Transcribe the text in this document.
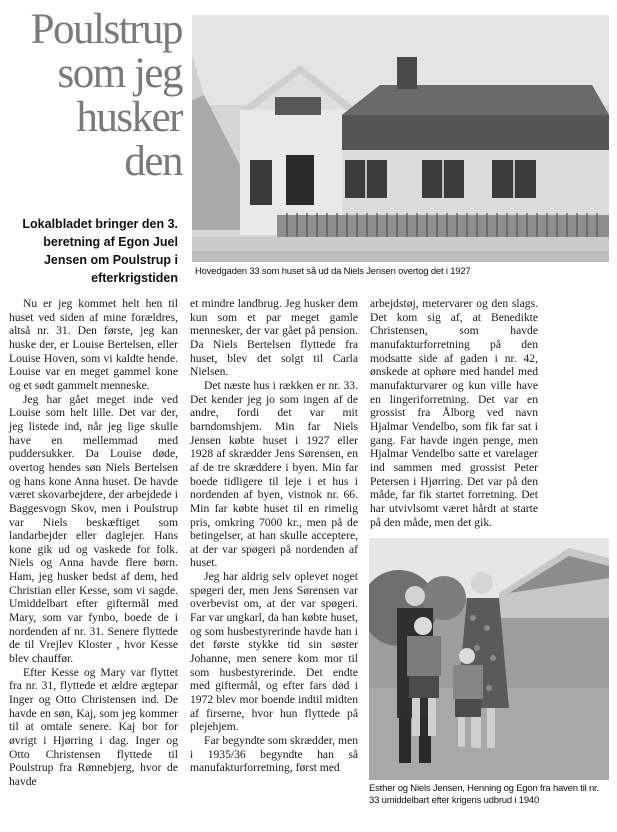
Poulstrup
som jeg
husker
den
Lokalbladet bringer den 3. beretning af Egon Juel Jensen om Poulstrup i efterkrigstiden Hovedgaden 33 som huset så ud da Niels Jensen overtog det i 1927
Esther og Niels Jensen, Henning og Egon fra haven til nr. 33 umiddelbart efter krigens udbrud i 1940

Nu er jeg kommet helt hen til huset ved siden af mine forældres, altså nr. 31. Den første, jeg kan huske der, er Louise Bertelsen, eller Louise Hoven, som vi kaldte hende. Louise var en meget gammel kone og et sødt gammelt menneske.

Jeg har gået meget inde ved Louise som helt lille. Det var der, jeg listede ind, når jeg lige skulle have en mellemmad med puddersukker. Da Louise døde, overtog hendes søn Niels Bertelsen og hans kone Anna huset. De havde været skovarbejdere, der arbejdede i Baggesvogn Skov, men i Poulstrup var Niels beskæftiget som landarbejder eller daglejer. Hans kone gik ud og vaskede for folk. Niels og Anna havde flere børn. Ham, jeg husker bedst af dem, hed Christian eller Kesse, som vi sagde. Umiddelbart efter giftermål med Mary, som var fynbo, boede de i nordenden af nr. 31. Senere flyttede de til Vrejlev Kloster , hvor Kesse blev chauffør.

Efter Kesse og Mary var flyttet fra nr. 31, flyttede et ældre ægtepar Inger og Otto Christensen ind. De havde en søn, Kaj, som jeg kommer til at omtale senere. Kaj bor for øvrigt i Hjørring i dag. Inger og Otto Christensen flyttede til Poulstrup fra Rønnebjerg, hvor de havde

et mindre landbrug. Jeg husker dem kun som et par meget gamle mennesker, der var gået på pension. Da Niels Bertelsen flyttede fra huset, blev det solgt til Carla Nielsen.

Det næste hus i rækken er nr. 33. Det kender jeg jo som ingen af de andre, fordi det var mit barndomshjem. Min far Niels Jensen købte huset i 1927 eller 1928 af skrædder Jens Sørensen, en af de tre skræddere i byen. Min far boede tidligere til leje i et hus i nordenden af byen, vistnok nr. 66. Min far købte huset til en rimelig pris, omkring 7000 kr., men på de betingelser, at han skulle acceptere, at der var spøgeri på nordenden af huset.

Jeg har aldrig selv oplevet noget spøgeri der, men Jens Sørensen var overbevist om, at der var spøgeri. Far var ungkarl, da han købte huset, og som husbestyrerinde havde han i det første stykke tid sin søster Johanne, men senere kom mor til som husbestyrerinde. Det endte med giftermål, og efter fars død i 1972 blev mor boende indtil midten af firserne, hvor hun flyttede på plejehjem.

Far begyndte som skrædder, men i 1935/36 begyndte han så manufakturforretning, først med

arbejdstøj, metervarer og den slags. Det kom sig af, at Benedikte Christensen, som havde manufakturforretning på den modsatte side af gaden i nr. 42, ønskede at ophøre med handel med manufakturvarer og kun ville have en lingeriforretning. Det var en grossist fra Ålborg ved navn Hjalmar Vendelbo, som fik far sat i gang. Far havde ingen penge, men Hjalmar Vendelbo satte et varelager ind sammen med grossist Peter Petersen i Hjørring. Det var på den måde, far fik startet forretning. Det har utvivlsomt været hårdt at starte på den måde, men det gik.
